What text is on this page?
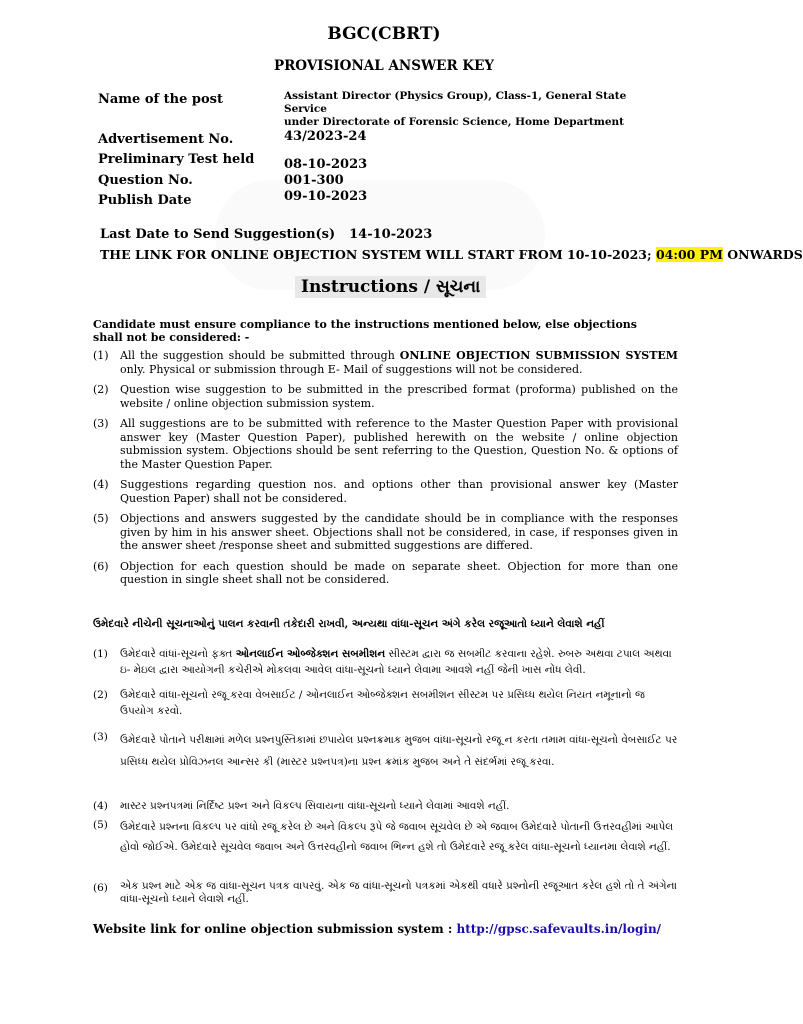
BGC(CBRT)
PROVISIONAL ANSWER KEY
Name of the post	Assistant Director (Physics Group), Class-1, General State Service
under Directorate of Forensic Science, Home Department
Advertisement No.	43/2023-24
Preliminary Test held 08-10-2023
Question No.	001-300
Publish Date	09-10-2023
Last Date to Send Suggestion(s) 14-10-2023
THE LINK FOR ONLINE OBJECTION SYSTEM WILL START FROM 10-10-2023; 04:00 PM ONWARDS
Instructions / સૂચના
Candidate must ensure compliance to the instructions mentioned below, else objections shall not be considered: -
(1)	All the suggestion should be submitted through ONLINE OBJECTION SUBMISSION SYSTEM only. Physical or submission through E- Mail of suggestions will not be considered.
(2)	Question wise suggestion to be submitted in the prescribed format (proforma) published on the website / online objection submission system.
(3)	All suggestions are to be submitted with reference to the Master Question Paper with provisional answer key (Master Question Paper), published herewith on the website / online objection submission system. Objections should be sent referring to the Question, Question No. & options of the Master Question Paper.
(4)	Suggestions regarding question nos. and options other than provisional answer key (Master Question Paper) shall not be considered.
(5)	Objections and answers suggested by the candidate should be in compliance with the responses given by him in his answer sheet. Objections shall not be considered, in case, if responses given in the answer sheet /response sheet and submitted suggestions are differed.
(6)	Objection for each question should be made on separate sheet. Objection for more than one question in single sheet shall not be considered.
ઉમેદવારે નીચેની સૂચનાઓનું પાલન કરવાની તકેદારી રાખવી, અન્યથા વાંધા-સૂચન અંગે કરેલ રજૂઆતો ધ્યાને લેવાશે નહીં
(1)	ઉમેદવારે વાંધાં-સૂચનો ફક્ત ઓનલાઈન ઓબ્જેક્શન સબમીશન સીસ્ટમ દ્વારા જ સબમીટ કરવાના રહેશે. રુબરુ અથવા ટપાલ અથવા ઇ- મેઇલ દ્વારા આયોગની કચેરીએ મોકલવા આવેલ વાંધા-સૂચનો ધ્યાને લેવામા આવશે નહીં જેની ખાસ નોંધ લેવી.
(2)	ઉમેદવારે વાંધા-સૂચનો રજૂ કરવા વેબસાઈટ / ઓનલાઈન ઓબ્જેક્શન સબમીશન સીસ્ટમ પર પ્રસિધ્ધ થયેલ નિયત નમૂનાનો જ ઉપયોગ કરવો.
(3)	ઉમેદવારે પોતાને પરીક્ષામાં મળેલ પ્રશ્નપુસ્તિકામાં છપાયેલ પ્રશ્નક્રમાક મુજબ વાંધા-સૂચનો રજૂ ન કરતા તમામ વાંધા-સૂચનો વેબસાઈટ પર પ્રસિધ્ધ થયેલ પ્રોવિઝનલ આન્સર કી (માસ્ટર પ્રશ્નપત્ર)ના પ્રશ્ન ક્રમાંક મુજબ અને તે સંદર્ભમાં રજૂ કરવા.
(4)	માસ્ટર પ્રશ્નપત્રમાં નિર્દિષ્ટ પ્રશ્ન અને વિકલ્પ સિવાયના વાંધા-સૂચનો ધ્યાને લેવામાં આવશે નહીં.
(5)	ઉમેદવારે પ્રશ્નના વિકલ્પ પર વાંધો રજૂ કરેલ છે અને વિકલ્પ રૂપે જે જવાબ સૂચવેલ છે એ જવાબ ઉમેદવારે પોતાની ઉત્તરવહીમાં આપેલ હોવો જોઈએ. ઉમેદવારે સૂચવેલ જવાબ અને ઉત્તરવહીનો જવાબ ભિન્ન હશે તો ઉમેદવારે રજૂ કરેલ વાંધા-સૂચનો ધ્યાનમા લેવાશે નહીં.
(6)	એક પ્રશ્ન માટે એક જ વાંધા-સૂચન પત્રક વાપરવું. એક જ વાંધા-સૂચનો પત્રકમાં એકથી વધારે પ્રશ્નોની રજૂઆત કરેલ હશે તો તે અંગેના વાંધા-સૂચનો ધ્યાને લેવાશે નહીં.
Website link for online objection submission system : http://gpsc.safevaults.in/login/
